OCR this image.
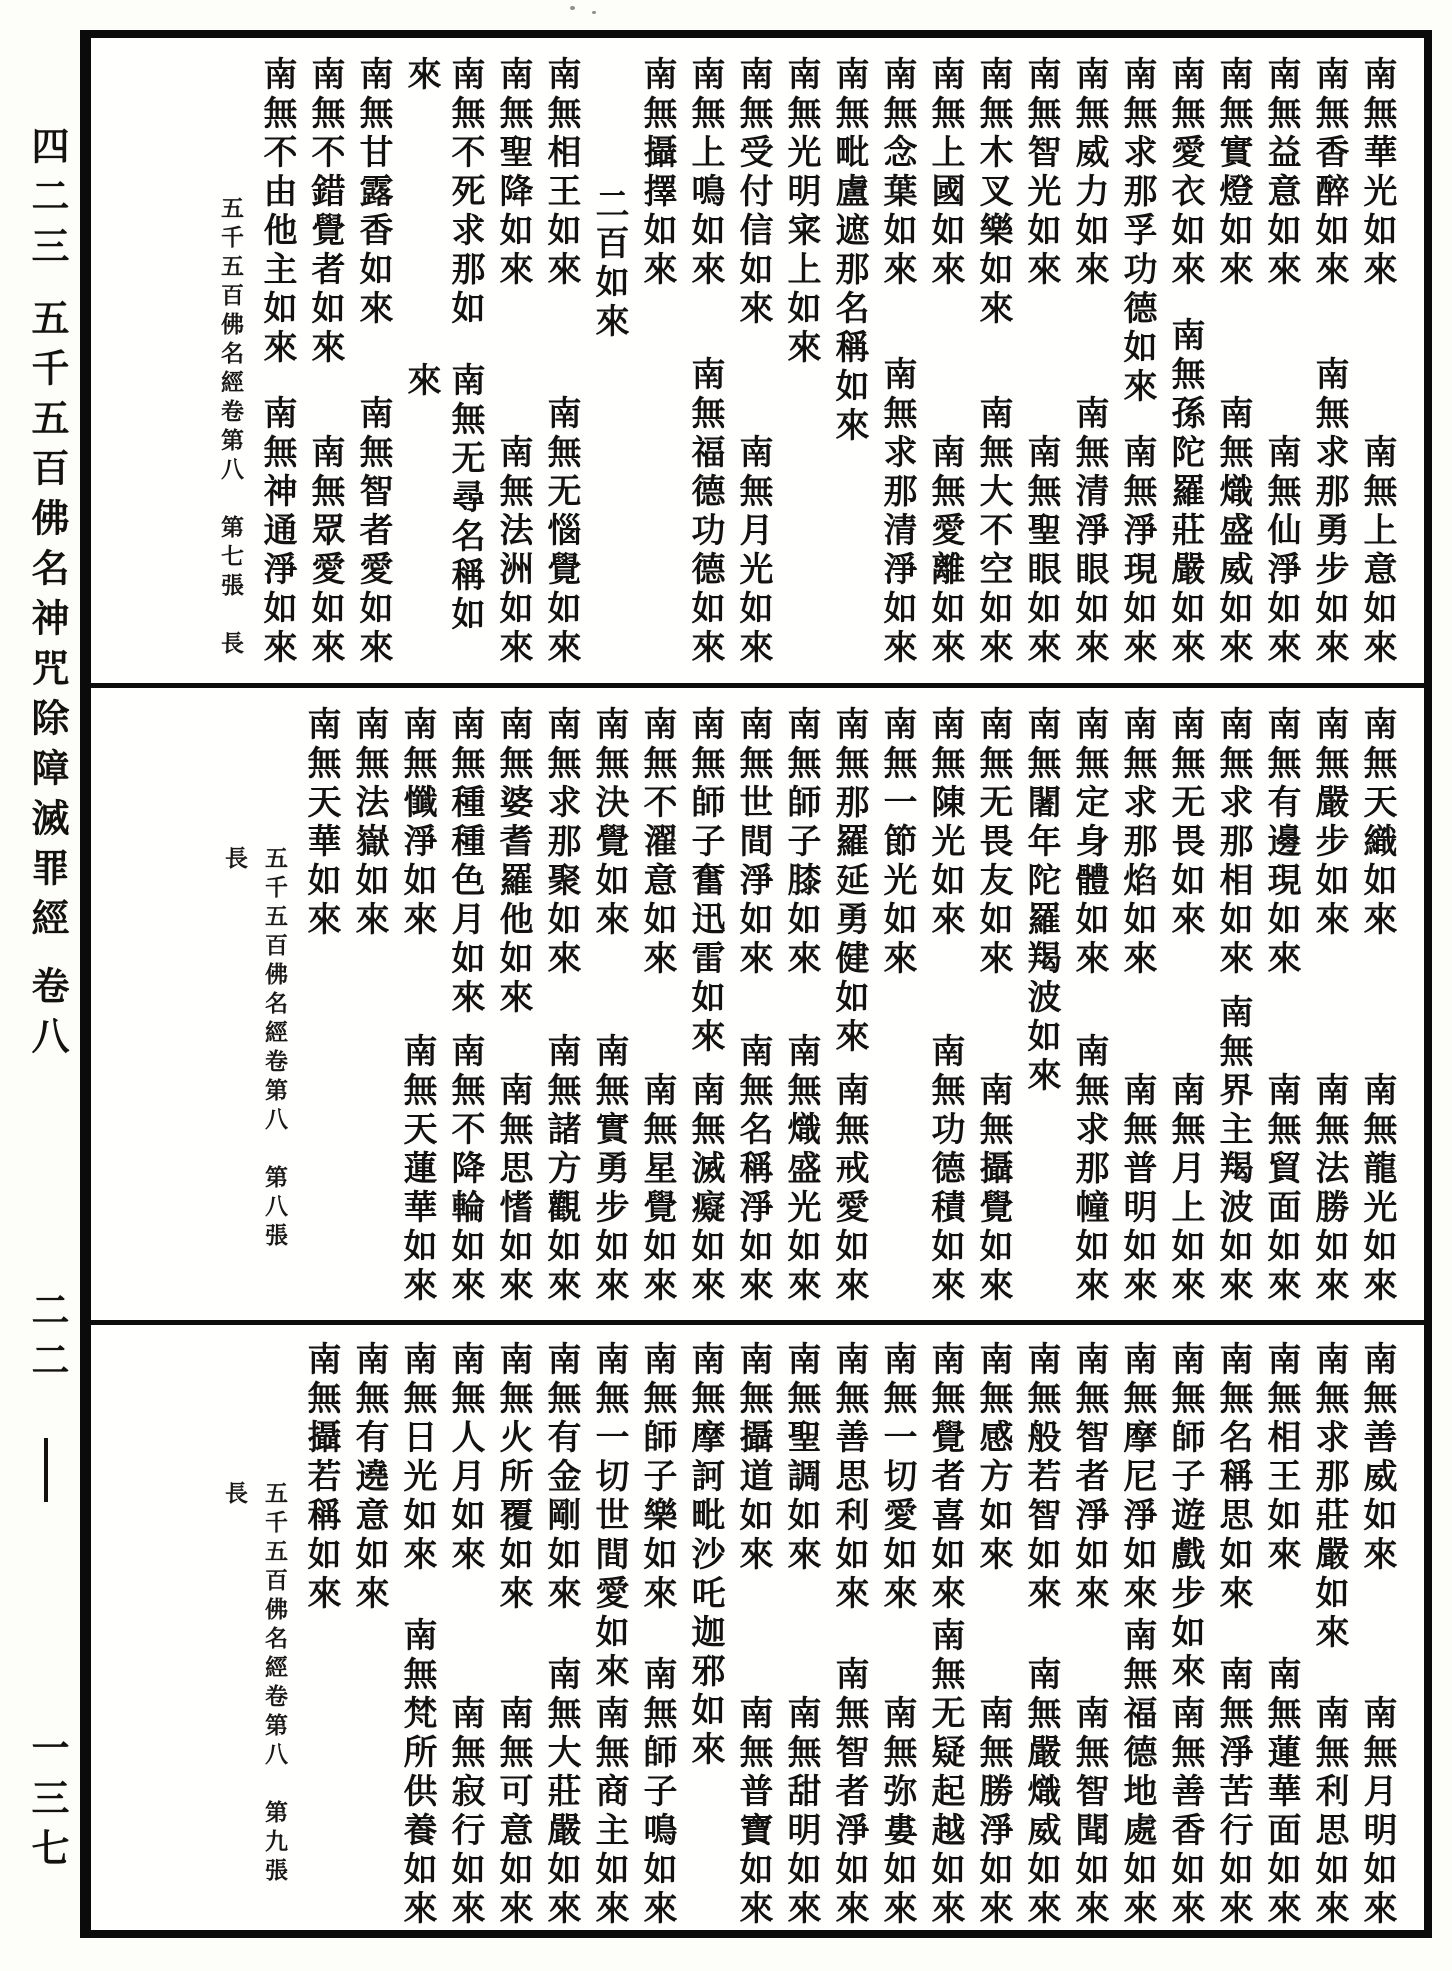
四二三
五千五百佛名神咒除障滅罪經
卷八
二二
一三七
南無華光如來
南無上意如來
南無香醉如來
南無求那勇步如來
南無益意如來
南無仙淨如來
南無實燈如來
南無熾盛威如來
南無愛衣如來
南無孫陀羅莊嚴如來
南無求那孚功德如來
南無淨現如來
南無威力如來
南無清淨眼如來
南無智光如來
南無聖眼如來
南無木叉樂如來
南無大不空如來
南無上國如來
南無愛離如來
南無念葉如來
南無求那清淨如來
南無毗盧遮那名稱如來
南無光明宷上如來
南無受付信如來
南無月光如來
南無上鳴如來
南無福德功德如來
南無攝擇如來
二百如來
南無相王如來
南無无惱覺如來
南無聖降如來
南無法洲如來
南無不死求那如來
南無无尋名稱如來
南無甘露香如來
南無智者愛如來
南無不錯覺者如來
南無眾愛如來
南無不由他主如來
南無神通淨如來
五千五百佛名經卷第八　第七張　長
南無天織如來
南無龍光如來
南無嚴步如來
南無法勝如來
南無有邊現如來
南無貿面如來
南無求那相如來
南無界主羯波如來
南無无畏如來
南無月上如來
南無求那焰如來
南無普明如來
南無定身體如來
南無求那幢如來
南無闍年陀羅羯波如來
南無无畏友如來
南無攝覺如來
南無陳光如來
南無功德積如來
南無一節光如來
南無那羅延勇健如來
南無戒愛如來
南無師子膝如來
南無熾盛光如來
南無世間淨如來
南無名稱淨如來
南無師子奮迅雷如來
南無滅癡如來
南無不濯意如來
南無星覺如來
南無決覺如來
南無實勇步如來
南無求那聚如來
南無諸方觀如來
南無婆耆羅他如來
南無思愭如來
南無種種色月如來
南無不降輪如來
南無懺淨如來
南無天蓮華如來
南無法嶽如來
南無天華如來
五千五百佛名經卷第八　第八張　長
南無善威如來
南無月明如來
南無求那莊嚴如來
南無利思如來
南無相王如來
南無蓮華面如來
南無名稱思如來
南無淨苦行如來
南無師子遊戲步如來
南無善香如來
南無摩尼淨如來
南無福德地處如來
南無智者淨如來
南無智聞如來
南無般若智如來
南無嚴熾威如來
南無感方如來
南無勝淨如來
南無覺者喜如來
南無无疑起越如來
南無一切愛如來
南無弥婁如來
南無善思利如來
南無智者淨如來
南無聖調如來
南無甜明如來
南無攝道如來
南無普寶如來
南無摩訶毗沙吒迦邪如來
南無師子樂如來
南無師子鳴如來
南無一切世間愛如來
南無商主如來
南無有金剛如來
南無大莊嚴如來
南無火所覆如來
南無可意如來
南無人月如來
南無寂行如來
南無日光如來
南無梵所供養如來
南無有遶意如來
南無攝若稱如來
五千五百佛名經卷第八　第九張　長
